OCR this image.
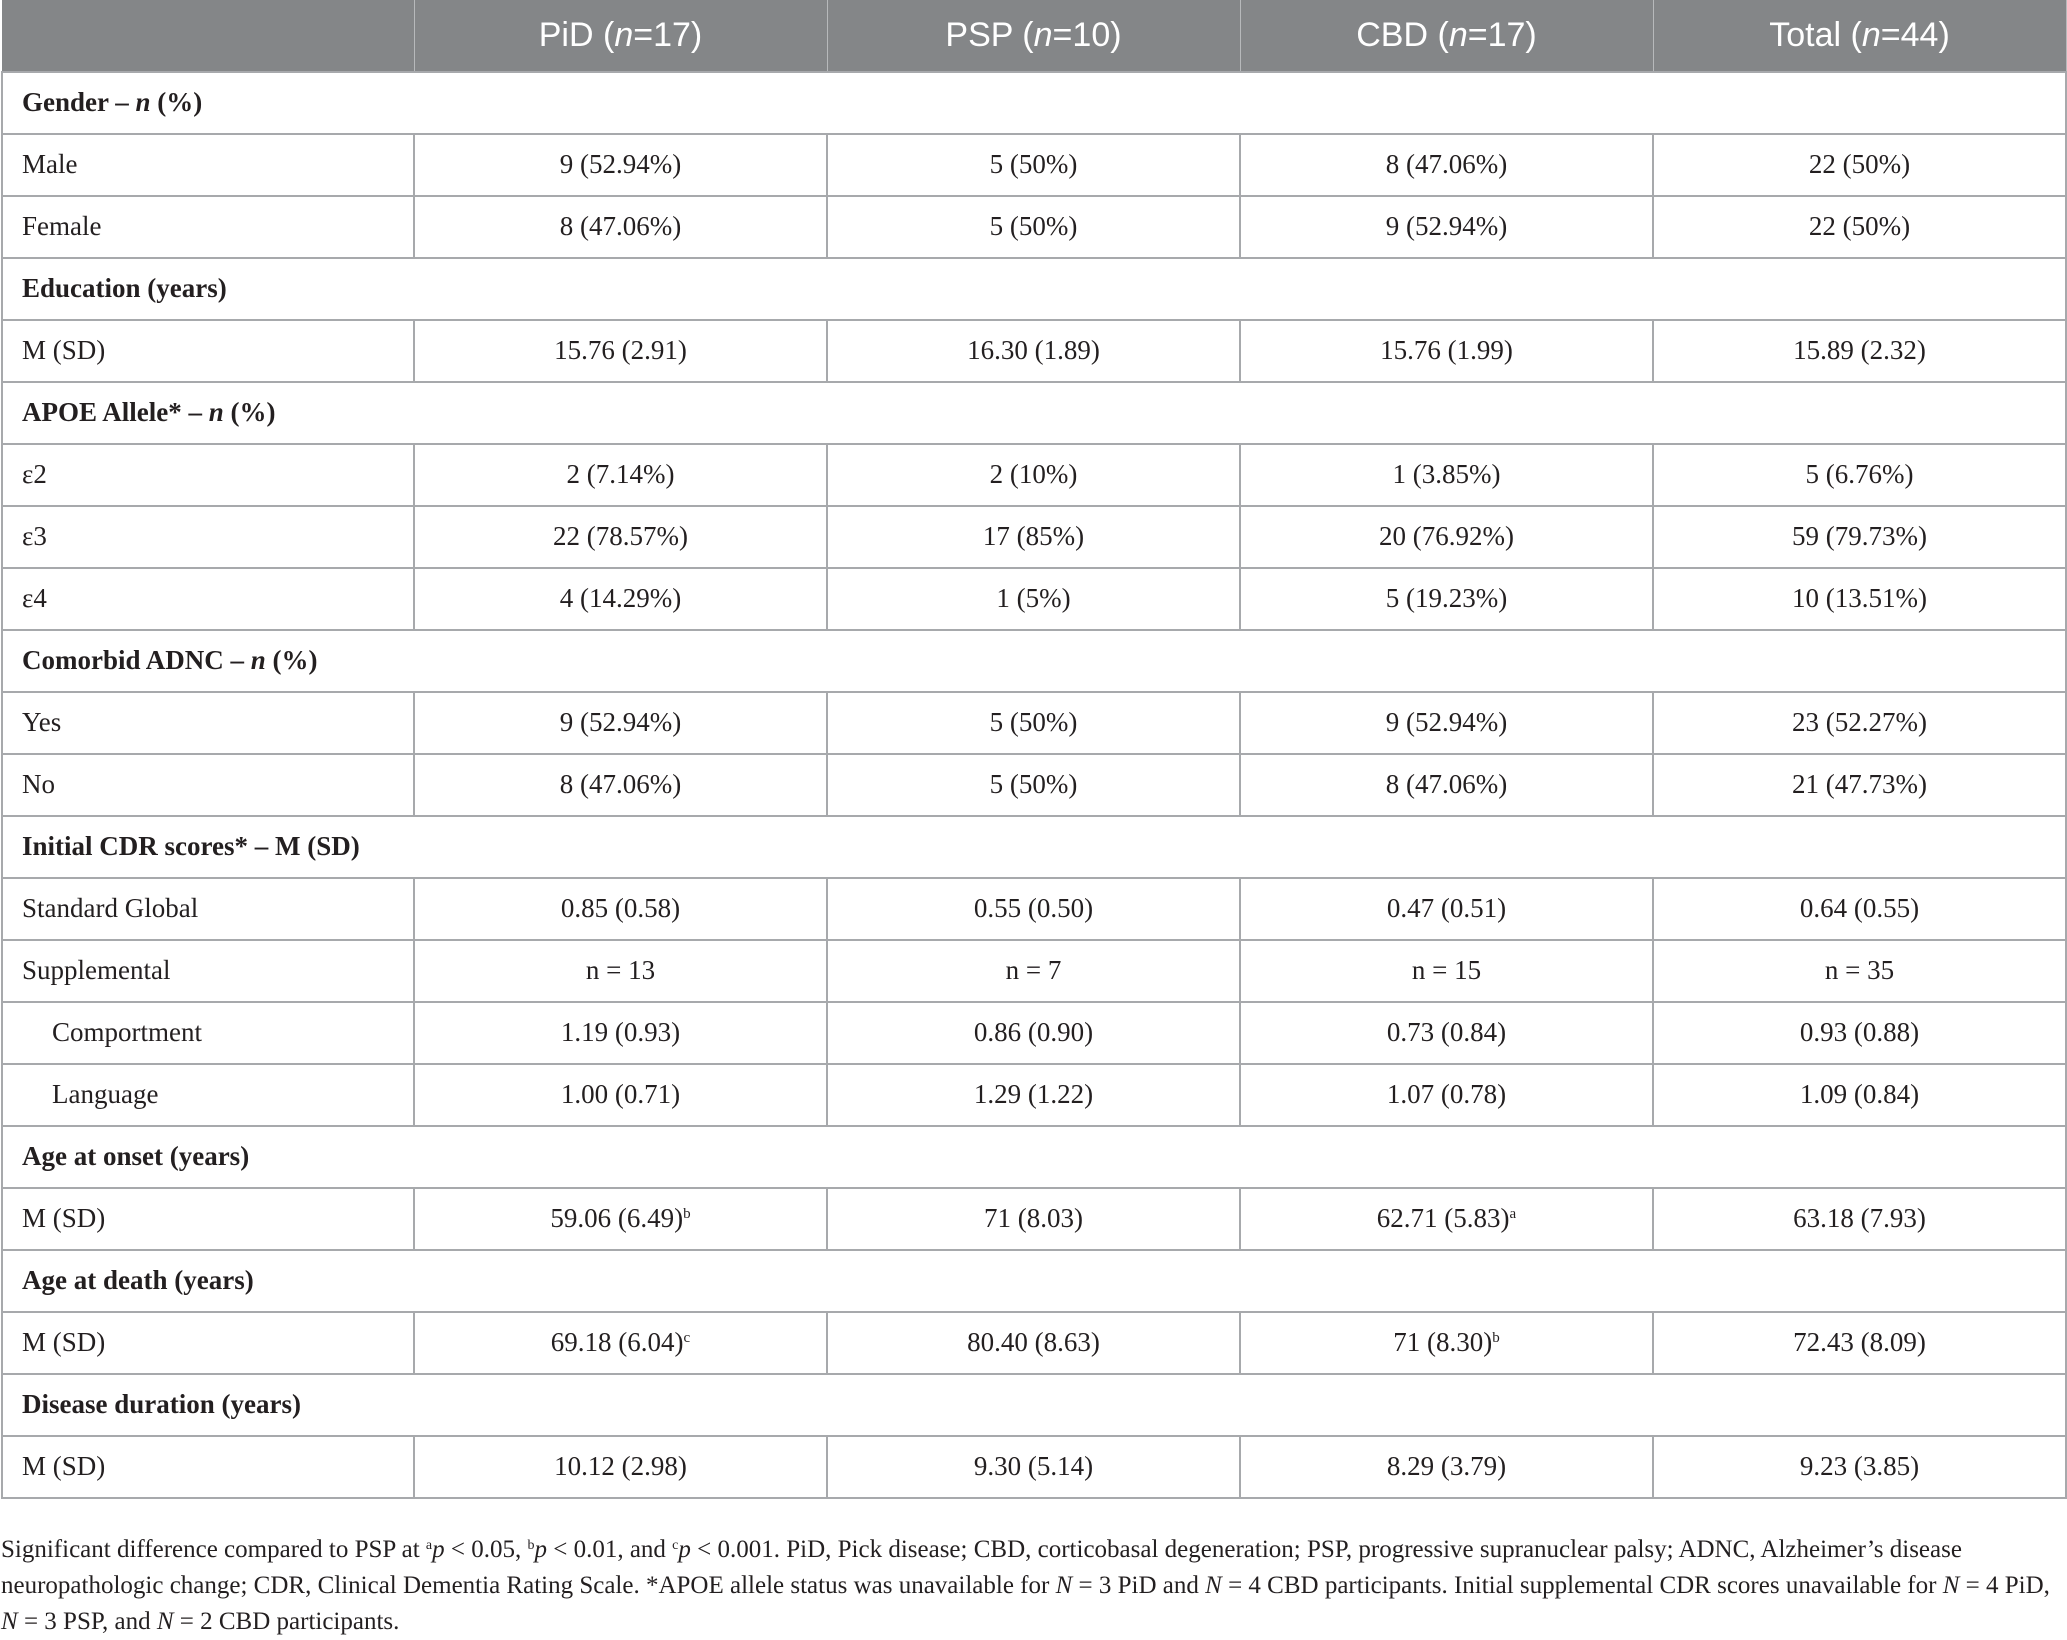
	PiD (n=17)	PSP (n=10)	CBD (n=17)	Total (n=44)
Gender – n (%)				
Male	9 (52.94%)	5 (50%)	8 (47.06%)	22 (50%)
Female	8 (47.06%)	5 (50%)	9 (52.94%)	22 (50%)
Education (years)				
M (SD)	15.76 (2.91)	16.30 (1.89)	15.76 (1.99)	15.89 (2.32)
APOE Allele* – n (%)				
ε2	2 (7.14%)	2 (10%)	1 (3.85%)	5 (6.76%)
ε3	22 (78.57%)	17 (85%)	20 (76.92%)	59 (79.73%)
ε4	4 (14.29%)	1 (5%)	5 (19.23%)	10 (13.51%)
Comorbid ADNC – n (%)				
Yes	9 (52.94%)	5 (50%)	9 (52.94%)	23 (52.27%)
No	8 (47.06%)	5 (50%)	8 (47.06%)	21 (47.73%)
Initial CDR scores* – M (SD)				
Standard Global	0.85 (0.58)	0.55 (0.50)	0.47 (0.51)	0.64 (0.55)
Supplemental	n = 13	n = 7	n = 15	n = 35
Comportment	1.19 (0.93)	0.86 (0.90)	0.73 (0.84)	0.93 (0.88)
Language	1.00 (0.71)	1.29 (1.22)	1.07 (0.78)	1.09 (0.84)
Age at onset (years)				
M (SD)	59.06 $(6.49)^b$	71 (8.03)	62.71 $(5.83)^a$	63.18 (7.93)
Age at death (years)				
M (SD)	69.18 $(6.04)^c$	80.40 (8.63)	71 $(8.30)^b$	72.43 (8.09)
Disease duration (years)				
M (SD)	10.12 (2.98)	9.30 (5.14)	8.29 (3.79)	9.23 (3.85)
Significant difference compared to PSP at $^a$p < 0.05, $^b$p < 0.01, and $^c$p < 0.001. PiD, Pick disease; CBD, corticobasal degeneration; PSP, progressive supranuclear palsy; ADNC, Alzheimer’s disease neuropathologic change; CDR, Clinical Dementia Rating Scale. *APOE allele status was unavailable for N = 3 PiD and N = 4 CBD participants. Initial supplemental CDR scores unavailable for N = 4 PiD, N = 3 PSP, and N = 2 CBD participants.
